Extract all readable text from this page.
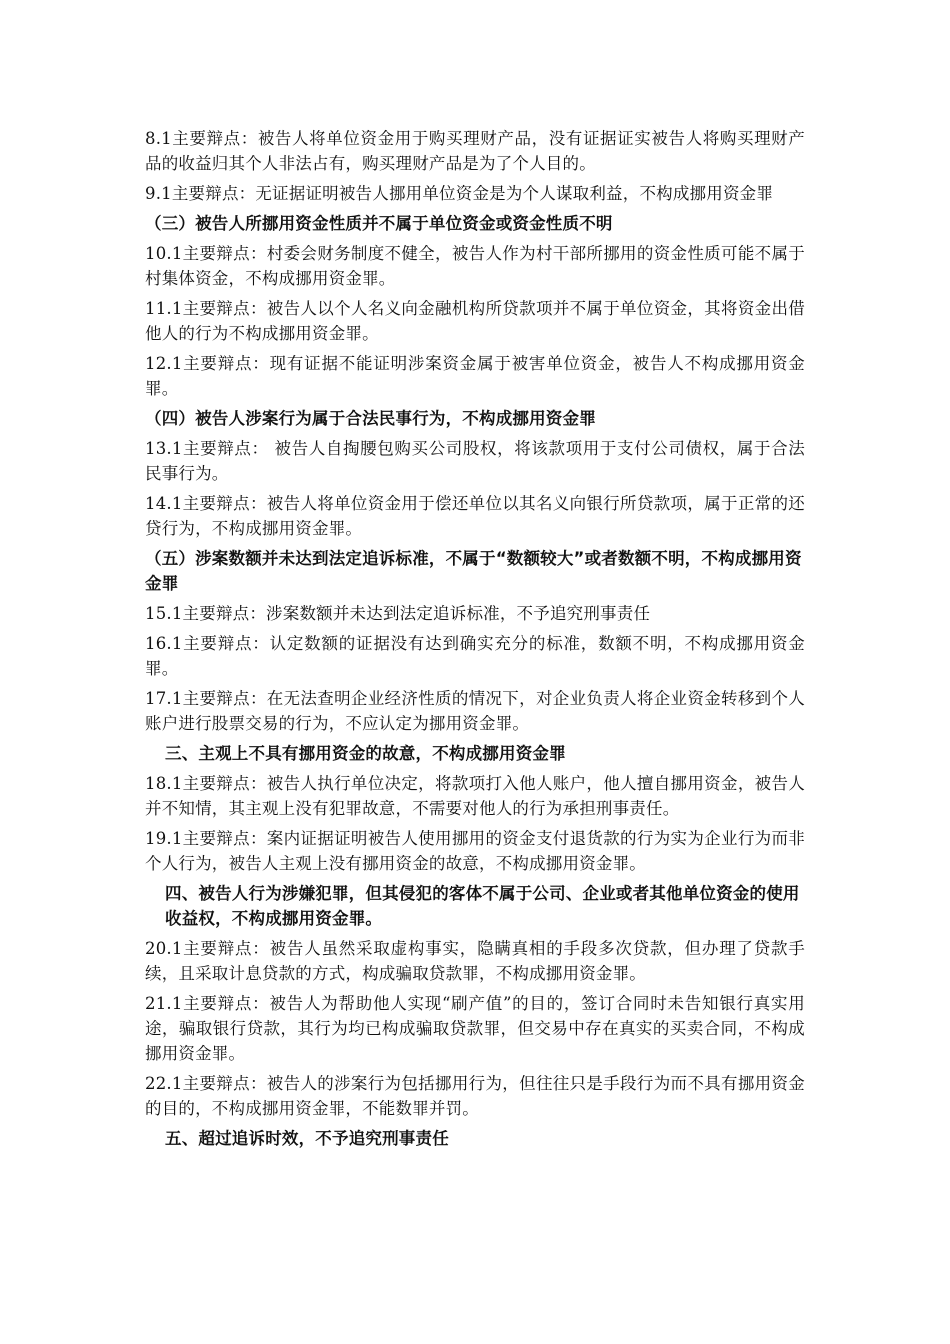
8.1主要辩点：被告人将单位资金用于购买理财产品，没有证据证实被告人将购买理财产品的收益归其个人非法占有，购买理财产品是为了个人目的。

9.1主要辩点：无证据证明被告人挪用单位资金是为个人谋取利益，不构成挪用资金罪

（三）被告人所挪用资金性质并不属于单位资金或资金性质不明

10.1主要辩点：村委会财务制度不健全，被告人作为村干部所挪用的资金性质可能不属于村集体资金，不构成挪用资金罪。

11.1主要辩点：被告人以个人名义向金融机构所贷款项并不属于单位资金，其将资金出借他人的行为不构成挪用资金罪。

12.1主要辩点：现有证据不能证明涉案资金属于被害单位资金，被告人不构成挪用资金罪。

（四）被告人涉案行为属于合法民事行为，不构成挪用资金罪

13.1主要辩点： 被告人自掏腰包购买公司股权，将该款项用于支付公司债权，属于合法民事行为。

14.1主要辩点：被告人将单位资金用于偿还单位以其名义向银行所贷款项，属于正常的还贷行为，不构成挪用资金罪。

（五）涉案数额并未达到法定追诉标准，不属于“数额较大”或者数额不明，不构成挪用资金罪

15.1主要辩点：涉案数额并未达到法定追诉标准，不予追究刑事责任

16.1主要辩点：认定数额的证据没有达到确实充分的标准，数额不明，不构成挪用资金罪。

17.1主要辩点：在无法查明企业经济性质的情况下，对企业负责人将企业资金转移到个人账户进行股票交易的行为，不应认定为挪用资金罪。

三、主观上不具有挪用资金的故意，不构成挪用资金罪

18.1主要辩点：被告人执行单位决定，将款项打入他人账户，他人擅自挪用资金，被告人并不知情，其主观上没有犯罪故意，不需要对他人的行为承担刑事责任。

19.1主要辩点：案内证据证明被告人使用挪用的资金支付退货款的行为实为企业行为而非个人行为，被告人主观上没有挪用资金的故意，不构成挪用资金罪。

四、被告人行为涉嫌犯罪，但其侵犯的客体不属于公司、企业或者其他单位资金的使用收益权，不构成挪用资金罪。

20.1主要辩点：被告人虽然采取虚构事实，隐瞒真相的手段多次贷款，但办理了贷款手续，且采取计息贷款的方式，构成骗取贷款罪，不构成挪用资金罪。

21.1主要辩点：被告人为帮助他人实现“刷产值”的目的，签订合同时未告知银行真实用途，骗取银行贷款，其行为均已构成骗取贷款罪，但交易中存在真实的买卖合同，不构成挪用资金罪。

22.1主要辩点：被告人的涉案行为包括挪用行为，但往往只是手段行为而不具有挪用资金的目的，不构成挪用资金罪，不能数罪并罚。

五、超过追诉时效，不予追究刑事责任
